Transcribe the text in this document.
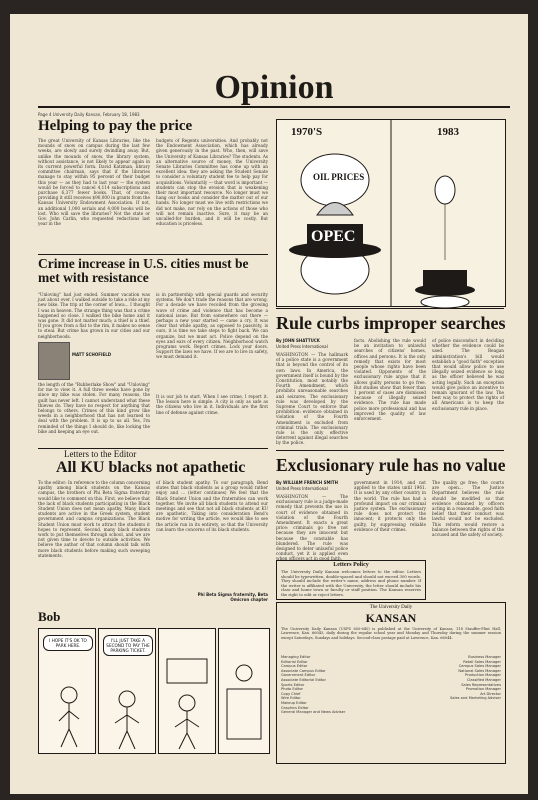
Opinion
Page 4 University Daily Kansan, February 18, 1983
Helping to pay the price
The great University of Kansas Libraries, like the mounds of snow on campus during the last few weeks, are slowly and surely dwindling away. But, unlike the mounds of snow, the library system, without assistance, is not likely to appear again in its current powerful form. David Katzman, library committee chairman, says that if the libraries manage to stay within 95 percent of their budget this year — as they had to last year — the system would be forced to cancel 4,114 subscriptions and purchase 6,377 fewer books. That, of course, providing it still receives $90,000 in grants from the Kansas University Endowment Association. If not, an additional 1,000 serials and 4,000 books will be lost. Who will save the libraries? Not the state or Gov. John Carlin, who requested reductions last year in the
budgets of Regents universities. And probably not the Endowment Association, which has already given generously in the past. Who, then, will save the University of Kansas Libraries? The students. As an alternative source of money, the University Senate Libraries Committee has come up with an excellent idea: they are asking the Student Senate to consider a voluntary student fee to help pay for acquisitions. Voluntarily — that word is important — students can stop the erosion that is weakening their most important resource. No longer must we hang our books and consider the matter out of our hands. No longer must we live with restrictions we did not make, nor rely on the actions of those who will not remain inactive. Sure, it may be an uncalled-for burden, and it will be costly. But education is priceless.
1970'S	1983
OIL PRICES
OPEC
Crime increase in U.S. cities must be met with resistance
"Unloving" had just ended. Summer vacation was just about over. I walked outside to take a ride at my new bike. The trip at the corner of Iowa... I thought I was in heaven. The strange thing was that a crime happened so close. I walked the bike home and it was gone. It did not matter much; a thief is a thief. If you grow from a flat to the rim, it makes no sense to steal. But crime has grown in our cities and our neighborhoods.
MATT SCHOFIELD
the length of the "Rubberlake Show" and "Unloving" for me to view it. A full three weeks have gone by since my bike was stolen. For many reasons, the guilt has never left. I cannot understand what these thieves do. They have no respect for anything that belongs to others. Crimes of this kind grow like weeds in a neighborhood that has not learned to deal with the problem. It is up to us all. Yes, I'm reminded of the things I should do, like locking the bike and keeping an eye out.
is in partnership with special guards and security systems. We don't trade the reasons that are wrong. For a decade we have recoiled from the growing wave of crime and violence that has become a national issue. But from somewhere out there — perhaps a new year started — came a cry. It was clear that while apathy, as opposed to passivity, is ours, it is time we take steps to fight back. We can organize, but we must act. Police depend on the eyes and ears of every citizen. Neighborhood watch programs work. Report crimes. Lock your doors. Support the laws we have. If we are to live in safety, we must demand it.
It is our job to start. When I see crime, I report it. The lesson here is simple. A city is only as safe as the citizens who live in it. Individuals are the first line of defense against crime.
Rule curbs improper searches
By JOHN SHATTUCK
United Press International
WASHINGTON — The hallmark of a police state is a government that is beyond the control of its own laws. In America, the government itself is bound by the Constitution, most notably the Fourth Amendment, which prohibits unreasonable searches and seizures. The exclusionary rule was developed by the Supreme Court to enforce that prohibition: evidence obtained in violation of the Fourth Amendment is excluded from criminal trials. The exclusionary rule is the only effective deterrent against illegal searches by the police.
facts. Abolishing the rule would be an invitation to unlawful searches of citizens' homes, offices and persons. It is the only remedy that exists for most people whose rights have been violated. Opponents of the exclusionary rule argue that it allows guilty persons to go free. But studies show that fewer than 1 percent of cases are dismissed because of illegally seized evidence. The rule has made police more professional and has improved the quality of law enforcement.
of police misconduct in deciding whether the evidence could be used. The Reagan administration's bill would establish a "good faith" exception that would allow police to use illegally seized evidence so long as the officer believed he was acting legally. Such an exception would give police an incentive to remain ignorant of the law. The best way to protect the rights of all Americans is to keep the exclusionary rule in place.
Letters to the Editor
All KU blacks not apathetic
To the editor: In reference to the column concerning apathy among black students on the Kansas campus, the brothers of Phi Beta Sigma fraternity would like to comment on this. First, we believe that the lack of black students participating in the Black Student Union does not mean apathy. Many black students are active in the Greek system, student government and campus organizations. The Black Student Union must work to attract the students it hopes to represent. Second, many black students work to put themselves through school, and we are not given time to devote to outside activities. We believe the author of that column should talk with more black students before making such sweeping statements.
of black student apathy. To our paragraph, Bend states that black students as a group would rather enjoy and ... (letter continues) We feel that the Black Student Union and the fraternities can work together. We invite all black students to attend our meetings and see that not all black students at KU are apathetic. Taking into consideration Bend's motive for writing the article, we would like to see the article run in its entirety, so that the University can learn the concerns of its black students.
Phi Beta Sigma fraternity, Beta Omicron chapter
Exclusionary rule has no value
By WILLIAM FRENCH SMITH
United Press International
WASHINGTON — The exclusionary rule is a judge-made remedy that prevents the use in court of evidence obtained in violation of the Fourth Amendment. It exacts a great price: criminals go free not because they are innocent but because the constable has blundered. The rule was designed to deter unlawful police conduct, yet it is applied even when officers act in good faith.
government in 1914, and not applied to the states until 1961. It is used by any other country in the world. The rule has had a profound impact on our criminal justice system. The exclusionary rule does not protect the innocent; it protects only the guilty, by suppressing reliable evidence of their crimes.
The quality go free; the courts are open... The Justice Department believes the rule should be modified so that evidence obtained by officers acting in a reasonable, good faith belief that their conduct was lawful would not be excluded. This reform would restore a balance between the rights of the accused and the safety of society.
Letters Policy
The University Daily Kansan welcomes letters to the editor. Letters should be typewritten, double-spaced and should not exceed 300 words. They should include the writer's name, address and phone number. If the writer is affiliated with the University, the letter should include his class and home town or faculty or staff position. The Kansan reserves the right to edit or reject letters.
The University Daily
KANSAN
The University Daily Kansan (USPS 650-640) is published at the University of Kansas, 118 Stauffer-Flint Hall, Lawrence, Kan. 66045, daily during the regular school year and Monday and Thursday during the summer session except Saturdays, Sundays and holidays. Second-class postage paid at Lawrence, Kan. 66044.
Managing Editor
Editorial Editor
Campus Editor
Associate Campus Editor
Government Editor
Associate Editorial Editor
Sports Editor
Photo Editor
Copy Chief
Wire Editor
Makeup Editor
Graphics Editor
General Manager and News Adviser
Business Manager
Retail Sales Manager
Campus Sales Manager
National Sales Manager
Production Manager
Classified Manager
Sales Representatives
Promotion Manager
Art Director
Sales and Marketing Adviser
Bob
I HOPE IT'S OK TO PARK HERE.
I'LL JUST TAKE A SECOND TO PAY THE PARKING TICKET.
